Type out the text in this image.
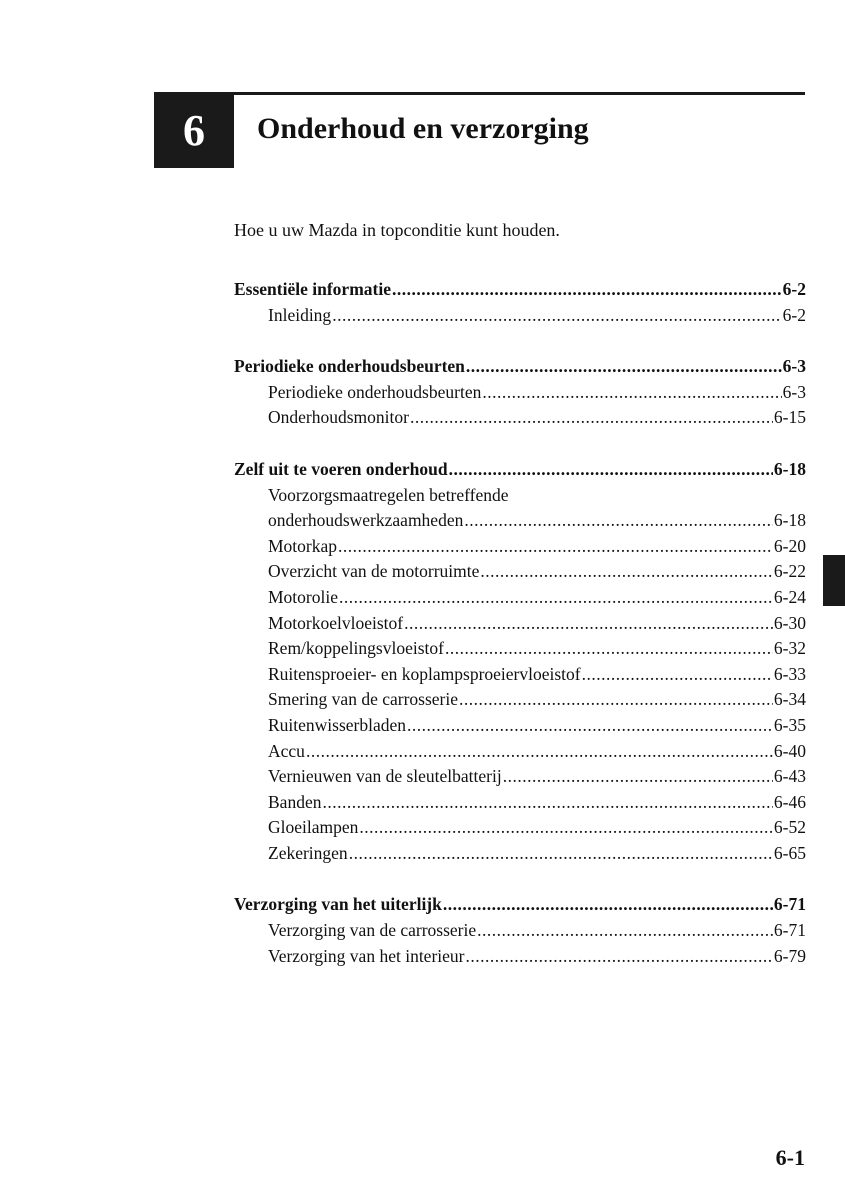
6 Onderhoud en verzorging
Hoe u uw Mazda in topconditie kunt houden.
Essentiële informatie .....	6-2
Inleiding .....	6-2
Periodieke onderhoudsbeurten .....	6-3
Periodieke onderhoudsbeurten .....	6-3
Onderhoudsmonitor .....	6-15
Zelf uit te voeren onderhoud .....	6-18
Voorzorgsmaatregelen betreffende
onderhoudswerkzaamheden .....	6-18
Motorkap .....	6-20
Overzicht van de motorruimte .....	6-22
Motorolie .....	6-24
Motorkoelvloeistof .....	6-30
Rem/koppelingsvloeistof .....	6-32
Ruitensproeier- en koplampsproeiervloeistof .....	6-33
Smering van de carrosserie .....	6-34
Ruitenwisserbladen .....	6-35
Accu .....	6-40
Vernieuwen van de sleutelbatterij .....	6-43
Banden .....	6-46
Gloeilampen .....	6-52
Zekeringen .....	6-65
Verzorging van het uiterlijk .....	6-71
Verzorging van de carrosserie .....	6-71
Verzorging van het interieur .....	6-79
6-1
